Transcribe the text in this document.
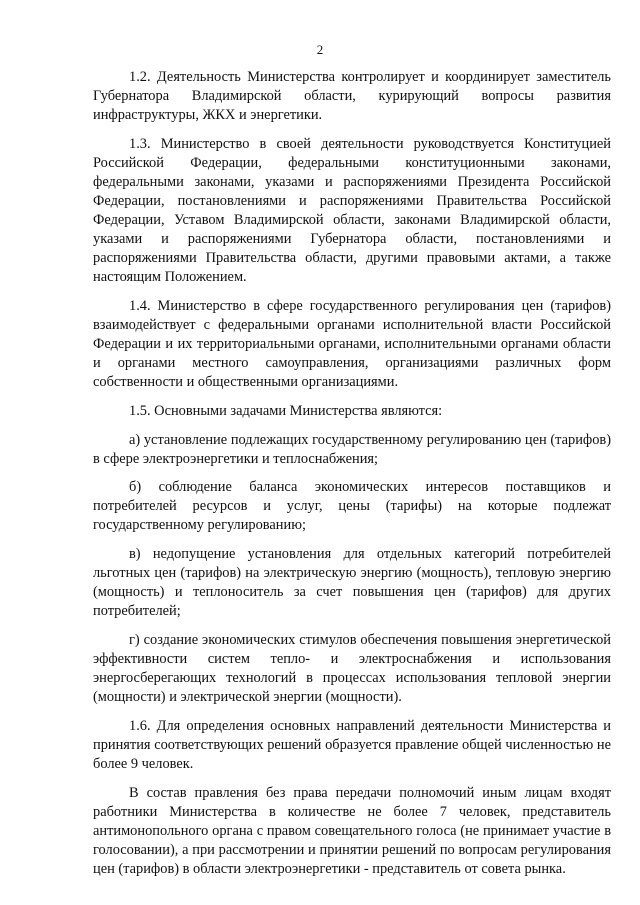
2

1.2. Деятельность Министерства контролирует и координирует заместитель Губернатора Владимирской области, курирующий вопросы развития инфраструктуры, ЖКХ и энергетики.

1.3. Министерство в своей деятельности руководствуется Конституцией Российской Федерации, федеральными конституционными законами, федеральными законами, указами и распоряжениями Президента Российской Федерации, постановлениями и распоряжениями Правительства Российской Федерации, Уставом Владимирской области, законами Владимирской области, указами и распоряжениями Губернатора области, постановлениями и распоряжениями Правительства области, другими правовыми актами, а также настоящим Положением.

1.4. Министерство в сфере государственного регулирования цен (тарифов) взаимодействует с федеральными органами исполнительной власти Российской Федерации и их территориальными органами, исполнительными органами области и органами местного самоуправления, организациями различных форм собственности и общественными организациями.

1.5. Основными задачами Министерства являются:

а) установление подлежащих государственному регулированию цен (тарифов) в сфере электроэнергетики и теплоснабжения;

б) соблюдение баланса экономических интересов поставщиков и потребителей ресурсов и услуг, цены (тарифы) на которые подлежат государственному регулированию;

в) недопущение установления для отдельных категорий потребителей льготных цен (тарифов) на электрическую энергию (мощность), тепловую энергию (мощность) и теплоноситель за счет повышения цен (тарифов) для других потребителей;

г) создание экономических стимулов обеспечения повышения энергетической эффективности систем тепло- и электроснабжения и использования энергосберегающих технологий в процессах использования тепловой энергии (мощности) и электрической энергии (мощности).

1.6. Для определения основных направлений деятельности Министерства и принятия соответствующих решений образуется правление общей численностью не более 9 человек.

В состав правления без права передачи полномочий иным лицам входят работники Министерства в количестве не более 7 человек, представитель антимонопольного органа с правом совещательного голоса (не принимает участие в голосовании), а при рассмотрении и принятии решений по вопросам регулирования цен (тарифов) в области электроэнергетики - представитель от совета рынка.
